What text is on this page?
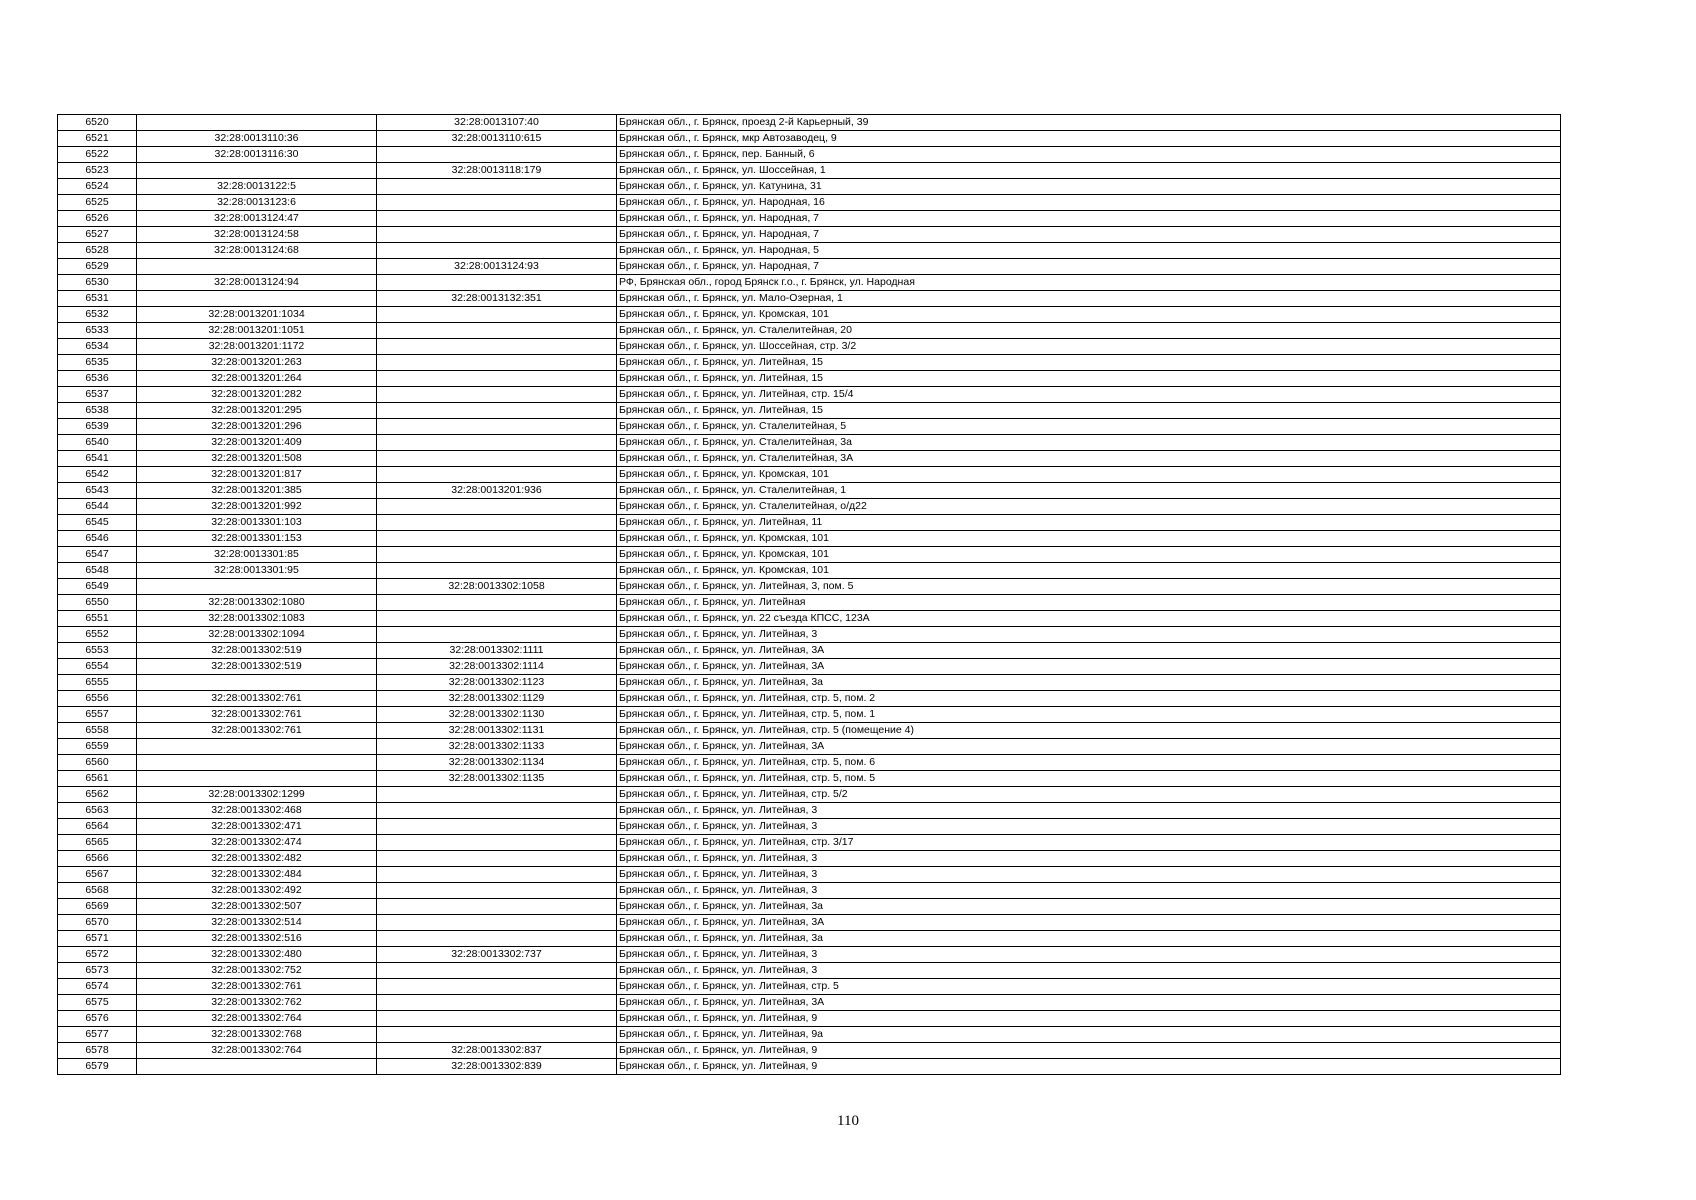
6520		32:28:0013107:40	Брянская обл., г. Брянск, проезд 2-й Карьерный, 39
6521	32:28:0013110:36	32:28:0013110:615	Брянская обл., г. Брянск, мкр Автозаводец, 9
6522	32:28:0013116:30		Брянская обл., г. Брянск, пер. Банный, 6
6523		32:28:0013118:179	Брянская обл., г. Брянск, ул. Шоссейная, 1
6524	32:28:0013122:5		Брянская обл., г. Брянск, ул. Катунина, 31
6525	32:28:0013123:6		Брянская обл., г. Брянск, ул. Народная, 16
6526	32:28:0013124:47		Брянская обл., г. Брянск, ул. Народная, 7
6527	32:28:0013124:58		Брянская обл., г. Брянск, ул. Народная, 7
6528	32:28:0013124:68		Брянская обл., г. Брянск, ул. Народная, 5
6529		32:28:0013124:93	Брянская обл., г. Брянск, ул. Народная, 7
6530	32:28:0013124:94		РФ, Брянская обл., город Брянск г.о., г. Брянск, ул. Народная
6531		32:28:0013132:351	Брянская обл., г. Брянск, ул. Мало-Озерная, 1
6532	32:28:0013201:1034		Брянская обл., г. Брянск, ул. Кромская, 101
6533	32:28:0013201:1051		Брянская обл., г. Брянск, ул. Сталелитейная, 20
6534	32:28:0013201:1172		Брянская обл., г. Брянск, ул. Шоссейная, стр. 3/2
6535	32:28:0013201:263		Брянская обл., г. Брянск, ул. Литейная, 15
6536	32:28:0013201:264		Брянская обл., г. Брянск, ул. Литейная, 15
6537	32:28:0013201:282		Брянская обл., г. Брянск, ул. Литейная, стр. 15/4
6538	32:28:0013201:295		Брянская обл., г. Брянск, ул. Литейная, 15
6539	32:28:0013201:296		Брянская обл., г. Брянск, ул. Сталелитейная, 5
6540	32:28:0013201:409		Брянская обл., г. Брянск, ул. Сталелитейная, 3а
6541	32:28:0013201:508		Брянская обл., г. Брянск, ул. Сталелитейная, 3А
6542	32:28:0013201:817		Брянская обл., г. Брянск, ул. Кромская, 101
6543	32:28:0013201:385	32:28:0013201:936	Брянская обл., г. Брянск, ул. Сталелитейная, 1
6544	32:28:0013201:992		Брянская обл., г. Брянск, ул. Сталелитейная, о/д22
6545	32:28:0013301:103		Брянская обл., г. Брянск, ул. Литейная, 11
6546	32:28:0013301:153		Брянская обл., г. Брянск, ул. Кромская, 101
6547	32:28:0013301:85		Брянская обл., г. Брянск, ул. Кромская, 101
6548	32:28:0013301:95		Брянская обл., г. Брянск, ул. Кромская, 101
6549		32:28:0013302:1058	Брянская обл., г. Брянск, ул. Литейная, 3, пом. 5
6550	32:28:0013302:1080		Брянская обл., г. Брянск, ул. Литейная
6551	32:28:0013302:1083		Брянская обл., г. Брянск, ул. 22 съезда КПСС, 123А
6552	32:28:0013302:1094		Брянская обл., г. Брянск, ул. Литейная, 3
6553	32:28:0013302:519	32:28:0013302:1111	Брянская обл., г. Брянск, ул. Литейная, 3А
6554	32:28:0013302:519	32:28:0013302:1114	Брянская обл., г. Брянск, ул. Литейная, 3А
6555		32:28:0013302:1123	Брянская обл., г. Брянск, ул. Литейная, 3а
6556	32:28:0013302:761	32:28:0013302:1129	Брянская обл., г. Брянск, ул. Литейная, стр. 5, пом. 2
6557	32:28:0013302:761	32:28:0013302:1130	Брянская обл., г. Брянск, ул. Литейная, стр. 5, пом. 1
6558	32:28:0013302:761	32:28:0013302:1131	Брянская обл., г. Брянск, ул. Литейная, стр. 5 (помещение 4)
6559		32:28:0013302:1133	Брянская обл., г. Брянск, ул. Литейная, 3А
6560		32:28:0013302:1134	Брянская обл., г. Брянск, ул. Литейная, стр. 5, пом. 6
6561		32:28:0013302:1135	Брянская обл., г. Брянск, ул. Литейная, стр. 5, пом. 5
6562	32:28:0013302:1299		Брянская обл., г. Брянск, ул. Литейная, стр. 5/2
6563	32:28:0013302:468		Брянская обл., г. Брянск, ул. Литейная, 3
6564	32:28:0013302:471		Брянская обл., г. Брянск, ул. Литейная, 3
6565	32:28:0013302:474		Брянская обл., г. Брянск, ул. Литейная, стр. 3/17
6566	32:28:0013302:482		Брянская обл., г. Брянск, ул. Литейная, 3
6567	32:28:0013302:484		Брянская обл., г. Брянск, ул. Литейная, 3
6568	32:28:0013302:492		Брянская обл., г. Брянск, ул. Литейная, 3
6569	32:28:0013302:507		Брянская обл., г. Брянск, ул. Литейная, 3а
6570	32:28:0013302:514		Брянская обл., г. Брянск, ул. Литейная, 3А
6571	32:28:0013302:516		Брянская обл., г. Брянск, ул. Литейная, 3а
6572	32:28:0013302:480	32:28:0013302:737	Брянская обл., г. Брянск, ул. Литейная, 3
6573	32:28:0013302:752		Брянская обл., г. Брянск, ул. Литейная, 3
6574	32:28:0013302:761		Брянская обл., г. Брянск, ул. Литейная, стр. 5
6575	32:28:0013302:762		Брянская обл., г. Брянск, ул. Литейная, 3А
6576	32:28:0013302:764		Брянская обл., г. Брянск, ул. Литейная, 9
6577	32:28:0013302:768		Брянская обл., г. Брянск, ул. Литейная, 9а
6578	32:28:0013302:764	32:28:0013302:837	Брянская обл., г. Брянск, ул. Литейная, 9
6579		32:28:0013302:839	Брянская обл., г. Брянск, ул. Литейная, 9
110
